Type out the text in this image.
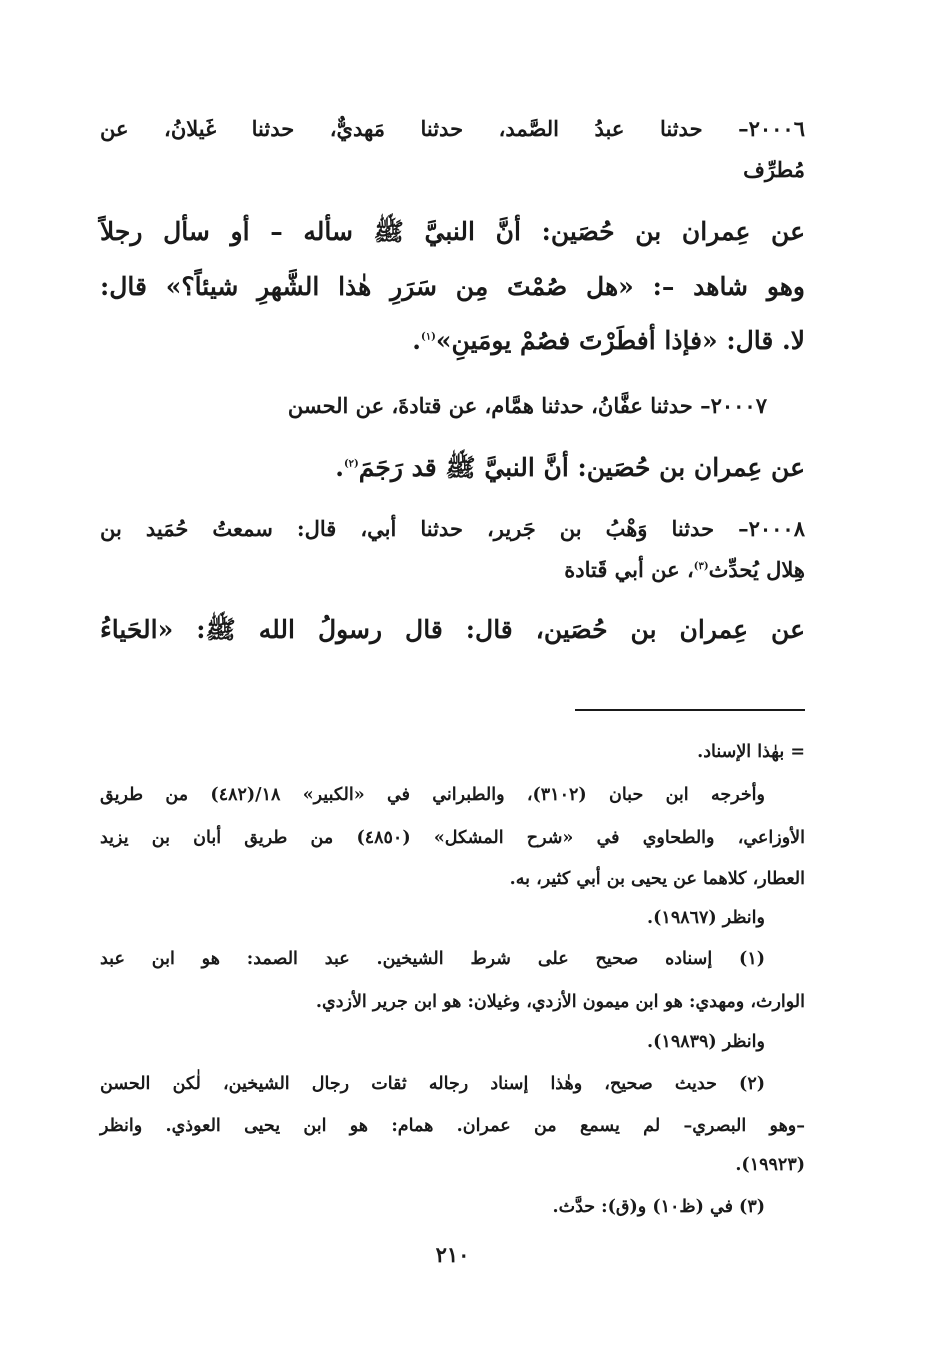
٢٠٠٠٦– حدثنا عبدُ الصَّمد، حدثنا مَهديٌّ، حدثنا غَيلانُ، عن
مُطرِّف
عن عِمران بن حُصَين: أنَّ النبيَّ ﷺ سأله – أو سأل رجلاً
وهو شاهد –: «هل صُمْتَ مِن سَرَرِ هٰذا الشَّهرِ شيئاً؟» قال:
لا. قال: «فإذا أفطَرْتَ فصُمْ يومَينِ»$^{(١)}$.
٢٠٠٠٧– حدثنا عفَّانُ، حدثنا همَّام، عن قتادةَ، عن الحسن
عن عِمران بن حُصَين: أنَّ النبيَّ ﷺ قد رَجَمَ$^{(٢)}$.
٢٠٠٠٨– حدثنا وَهْبُ بن جَرير، حدثنا أبي، قال: سمعتُ حُمَيد بن
هِلال يُحدِّث$^{(٣)}$، عن أبي قَتادة
عن عِمران بن حُصَين، قال: قال رسولُ الله ﷺ: «الحَياءُ
= بهٰذا الإسناد.
وأخرجه ابن حبان (٣١٠٢)، والطبراني في «الكبير» ١٨/(٤٨٢) من طريق
الأوزاعي، والطحاوي في «شرح المشكل» (٤٨٥٠) من طريق أبان بن يزيد
العطار، كلاهما عن يحيى بن أبي كثير، به.
وانظر (١٩٨٦٧).
(١) إسناده صحيح على شرط الشيخين. عبد الصمد: هو ابن عبد
الوارث، ومهدي: هو ابن ميمون الأزدي، وغيلان: هو ابن جرير الأزدي.
وانظر (١٩٨٣٩).
(٢) حديث صحيح، وهٰذا إسناد رجاله ثقات رجال الشيخين، لٰكن الحسن
–وهو البصري– لم يسمع من عمران. همام: هو ابن يحيى العوذي. وانظر
(١٩٩٢٣).
(٣) في (ظ١٠) و(ق): حدَّث.
٢١٠
